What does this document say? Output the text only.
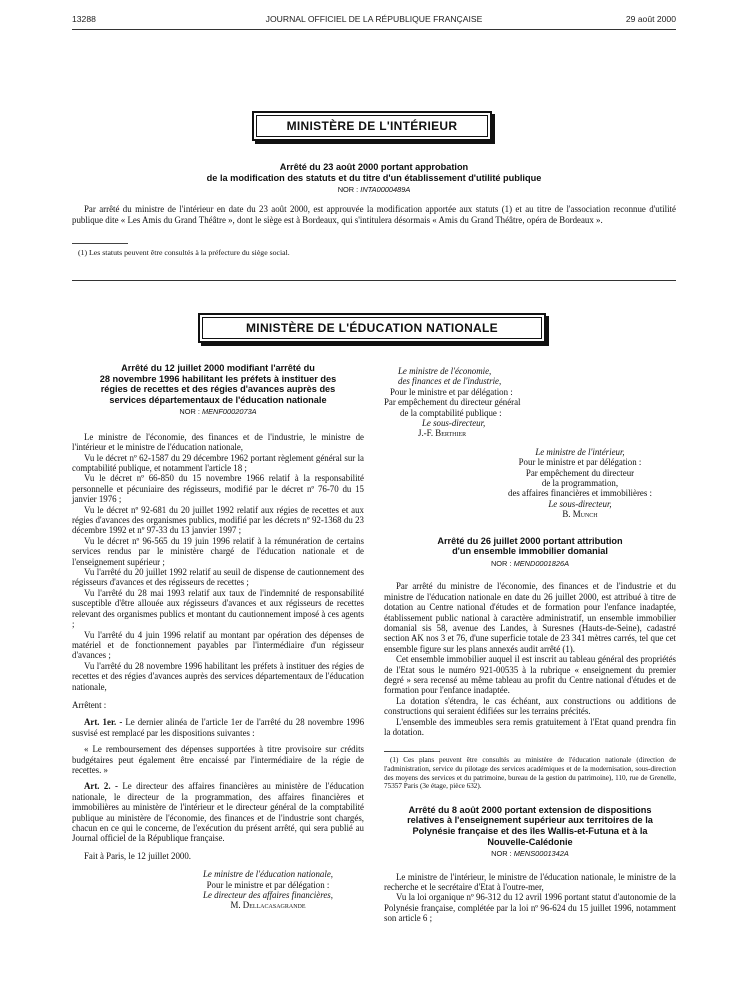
13288	JOURNAL OFFICIEL DE LA RÉPUBLIQUE FRANÇAISE	29 août 2000
MINISTÈRE DE L'INTÉRIEUR
Arrêté du 23 août 2000 portant approbation
de la modification des statuts et du titre d'un établissement d'utilité publique
NOR : INTA0000489A

Par arrêté du ministre de l'intérieur en date du 23 août 2000, est approuvée la modification apportée aux statuts (1) et au titre de l'association reconnue d'utilité publique dite « Les Amis du Grand Théâtre », dont le siège est à Bordeaux, qui s'intitulera désormais « Amis du Grand Théâtre, opéra de Bordeaux ».

(1) Les statuts peuvent être consultés à la préfecture du siège social.
MINISTÈRE DE L'ÉDUCATION NATIONALE
Arrêté du 12 juillet 2000 modifiant l'arrêté du
28 novembre 1996 habilitant les préfets à instituer des
régies de recettes et des régies d'avances auprès des
services départementaux de l'éducation nationale
NOR : MENF0002073A

Le ministre de l'économie, des finances et de l'industrie, le ministre de l'intérieur et le ministre de l'éducation nationale,

Vu le décret nº 62-1587 du 29 décembre 1962 portant règlement général sur la comptabilité publique, et notamment l'article 18 ;

Vu le décret nº 66-850 du 15 novembre 1966 relatif à la responsabilité personnelle et pécuniaire des régisseurs, modifié par le décret nº 76-70 du 15 janvier 1976 ;

Vu le décret nº 92-681 du 20 juillet 1992 relatif aux régies de recettes et aux régies d'avances des organismes publics, modifié par les décrets nº 92-1368 du 23 décembre 1992 et nº 97-33 du 13 janvier 1997 ;

Vu le décret nº 96-565 du 19 juin 1996 relatif à la rémunération de certains services rendus par le ministère chargé de l'éducation nationale et de l'enseignement supérieur ;

Vu l'arrêté du 20 juillet 1992 relatif au seuil de dispense de cautionnement des régisseurs d'avances et des régisseurs de recettes ;

Vu l'arrêté du 28 mai 1993 relatif aux taux de l'indemnité de responsabilité susceptible d'être allouée aux régisseurs d'avances et aux régisseurs de recettes relevant des organismes publics et montant du cautionnement imposé à ces agents ;

Vu l'arrêté du 4 juin 1996 relatif au montant par opération des dépenses de matériel et de fonctionnement payables par l'intermédiaire d'un régisseur d'avances ;

Vu l'arrêté du 28 novembre 1996 habilitant les préfets à instituer des régies de recettes et des régies d'avances auprès des services départementaux de l'éducation nationale,

Arrêtent :

Art. 1er. - Le dernier alinéa de l'article 1er de l'arrêté du 28 novembre 1996 susvisé est remplacé par les dispositions suivantes :

« Le remboursement des dépenses supportées à titre provisoire sur crédits budgétaires peut également être encaissé par l'intermédiaire de la régie de recettes. »

Art. 2. - Le directeur des affaires financières au ministère de l'éducation nationale, le directeur de la programmation, des affaires financières et immobilières au ministère de l'intérieur et le directeur général de la comptabilité publique au ministère de l'économie, des finances et de l'industrie sont chargés, chacun en ce qui le concerne, de l'exécution du présent arrêté, qui sera publié au Journal officiel de la République française.

Fait à Paris, le 12 juillet 2000.

Le ministre de l'éducation nationale,
Pour le ministre et par délégation :
Le directeur des affaires financières,
M. Dellacasagrande
Le ministre de l'économie,
des finances et de l'industrie,
Pour le ministre et par délégation :
Par empêchement du directeur général
de la comptabilité publique :
Le sous-directeur,
J.-F. Berthier
Le ministre de l'intérieur,
Pour le ministre et par délégation :
Par empêchement du directeur
de la programmation,
des affaires financières et immobilières :
Le sous-directeur,
B. Munch
Arrêté du 26 juillet 2000 portant attribution
d'un ensemble immobilier domanial
NOR : MEND0001826A

Par arrêté du ministre de l'économie, des finances et de l'industrie et du ministre de l'éducation nationale en date du 26 juillet 2000, est attribué à titre de dotation au Centre national d'études et de formation pour l'enfance inadaptée, établissement public national à caractère administratif, un ensemble immobilier domanial sis 58, avenue des Landes, à Suresnes (Hauts-de-Seine), cadastré section AK nos 3 et 76, d'une superficie totale de 23 341 mètres carrés, tel que cet ensemble figure sur les plans annexés audit arrêté (1).

Cet ensemble immobilier auquel il est inscrit au tableau général des propriétés de l'Etat sous le numéro 921-00535 à la rubrique « enseignement du premier degré » sera recensé au même tableau au profit du Centre national d'études et de formation pour l'enfance inadaptée.

La dotation s'étendra, le cas échéant, aux constructions ou additions de constructions qui seraient édifiées sur les terrains précités.

L'ensemble des immeubles sera remis gratuitement à l'Etat quand prendra fin la dotation.

(1) Ces plans peuvent être consultés au ministère de l'éducation nationale (direction de l'administration, service du pilotage des services académiques et de la modernisation, sous-direction des moyens des services et du patrimoine, bureau de la gestion du patrimoine), 110, rue de Grenelle, 75357 Paris (3e étage, pièce 632).
Arrêté du 8 août 2000 portant extension de dispositions
relatives à l'enseignement supérieur aux territoires de la
Polynésie française et des îles Wallis-et-Futuna et à la
Nouvelle-Calédonie
NOR : MENS0001342A

Le ministre de l'intérieur, le ministre de l'éducation nationale, le ministre de la recherche et le secrétaire d'Etat à l'outre-mer,

Vu la loi organique nº 96-312 du 12 avril 1996 portant statut d'autonomie de la Polynésie française, complétée par la loi nº 96-624 du 15 juillet 1996, notamment son article 6 ;
